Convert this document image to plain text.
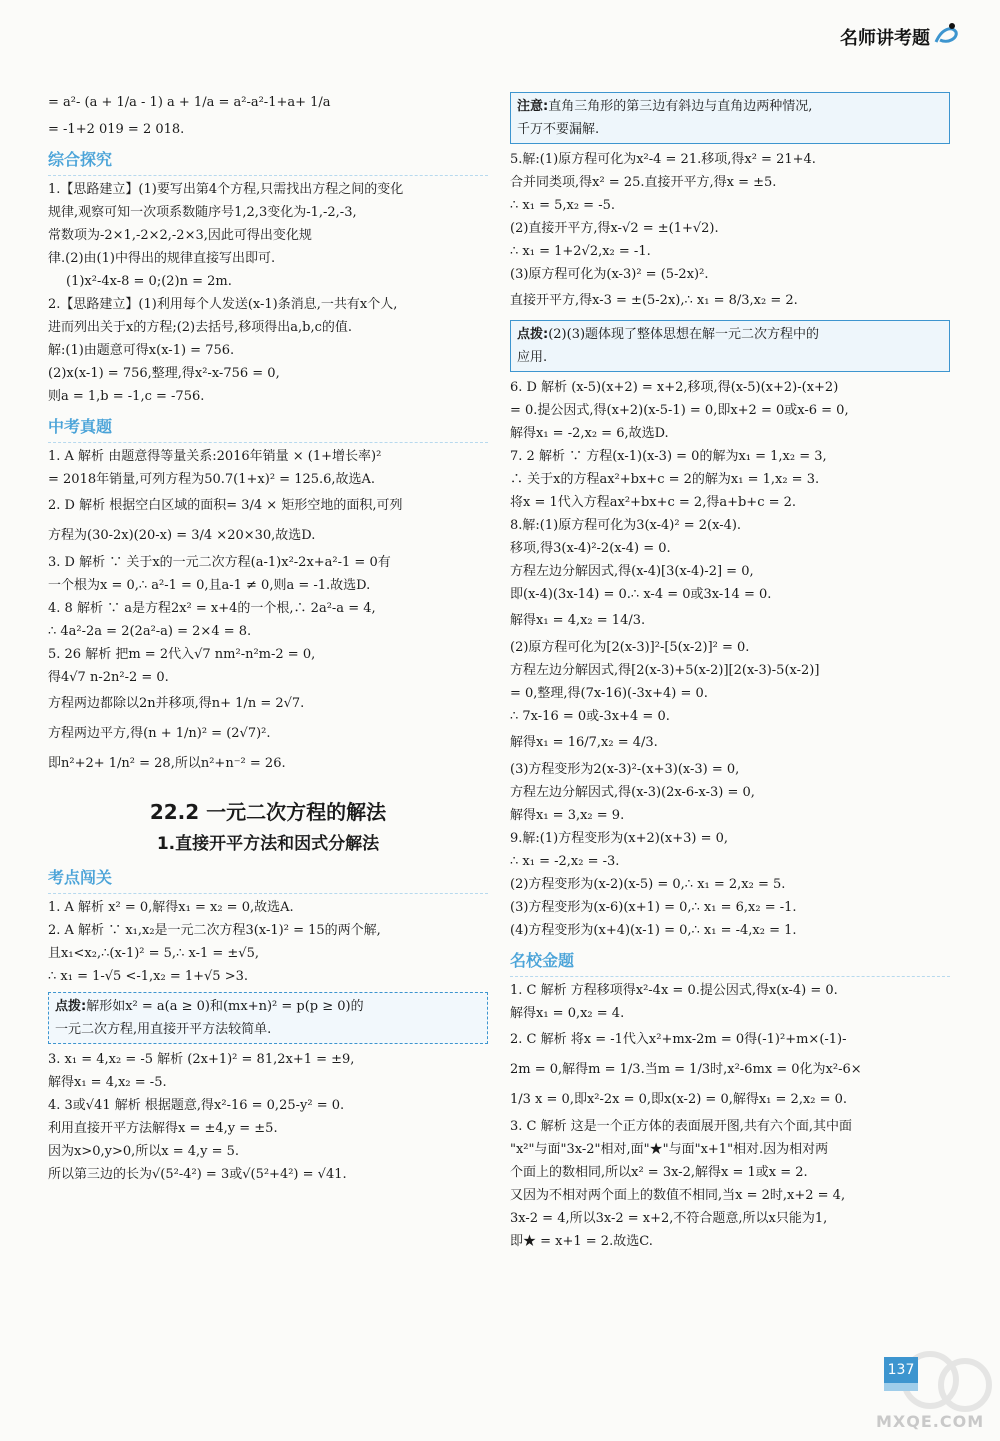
名师讲考题
= a²- (a + 1/a - 1) a + 1/a = a²-a²-1+a+ 1/a
= -1+2 019 = 2 018.
综合探究
1.【思路建立】(1)要写出第4个方程,只需找出方程之间的变化
规律,观察可知一次项系数随序号1,2,3变化为-1,-2,-3,
常数项为-2×1,-2×2,-2×3,因此可得出变化规
律.(2)由(1)中得出的规律直接写出即可.
(1)x²-4x-8 = 0;(2)n = 2m.
2.【思路建立】(1)利用每个人发送(x-1)条消息,一共有x个人,
进而列出关于x的方程;(2)去括号,移项得出a,b,c的值.
解:(1)由题意可得x(x-1) = 756.
(2)x(x-1) = 756,整理,得x²-x-756 = 0,
则a = 1,b = -1,c = -756.
中考真题
1. A 解析 由题意得等量关系:2016年销量 × (1+增长率)²
= 2018年销量,可列方程为50.7(1+x)² = 125.6,故选A.
2. D 解析 根据空白区域的面积= 3/4 × 矩形空地的面积,可列
方程为(30-2x)(20-x) = 3/4 ×20×30,故选D.
3. D 解析 ∵ 关于x的一元二次方程(a-1)x²-2x+a²-1 = 0有
一个根为x = 0,∴ a²-1 = 0,且a-1 ≠ 0,则a = -1.故选D.
4. 8 解析 ∵ a是方程2x² = x+4的一个根,∴ 2a²-a = 4,
∴ 4a²-2a = 2(2a²-a) = 2×4 = 8.
5. 26 解析 把m = 2代入√7 nm²-n²m-2 = 0,
得4√7 n-2n²-2 = 0.
方程两边都除以2n并移项,得n+ 1/n = 2√7.
方程两边平方,得(n + 1/n)² = (2√7)².
即n²+2+ 1/n² = 28,所以n²+n⁻² = 26.
22.2 一元二次方程的解法
1.直接开平方法和因式分解法
考点闯关
1. A 解析 x² = 0,解得x₁ = x₂ = 0,故选A.
2. A 解析 ∵ x₁,x₂是一元二次方程3(x-1)² = 15的两个解,
且x₁<x₂,∴(x-1)² = 5,∴ x-1 = ±√5,
∴ x₁ = 1-√5 <-1,x₂ = 1+√5 >3.
点拨:解形如x² = a(a ≥ 0)和(mx+n)² = p(p ≥ 0)的
一元二次方程,用直接开平方法较简单.
3. x₁ = 4,x₂ = -5 解析 (2x+1)² = 81,2x+1 = ±9,
解得x₁ = 4,x₂ = -5.
4. 3或√41 解析 根据题意,得x²-16 = 0,25-y² = 0.
利用直接开平方法解得x = ±4,y = ±5.
因为x>0,y>0,所以x = 4,y = 5.
所以第三边的长为√(5²-4²) = 3或√(5²+4²) = √41.
注意:直角三角形的第三边有斜边与直角边两种情况,
千万不要漏解.
5.解:(1)原方程可化为x²-4 = 21.移项,得x² = 21+4.
合并同类项,得x² = 25.直接开平方,得x = ±5.
∴ x₁ = 5,x₂ = -5.
(2)直接开平方,得x-√2 = ±(1+√2).
∴ x₁ = 1+2√2,x₂ = -1.
(3)原方程可化为(x-3)² = (5-2x)².
直接开平方,得x-3 = ±(5-2x),∴ x₁ = 8/3,x₂ = 2.
点拨:(2)(3)题体现了整体思想在解一元二次方程中的
应用.
6. D 解析 (x-5)(x+2) = x+2,移项,得(x-5)(x+2)-(x+2)
= 0.提公因式,得(x+2)(x-5-1) = 0,即x+2 = 0或x-6 = 0,
解得x₁ = -2,x₂ = 6,故选D.
7. 2 解析 ∵ 方程(x-1)(x-3) = 0的解为x₁ = 1,x₂ = 3,
∴ 关于x的方程ax²+bx+c = 2的解为x₁ = 1,x₂ = 3.
将x = 1代入方程ax²+bx+c = 2,得a+b+c = 2.
8.解:(1)原方程可化为3(x-4)² = 2(x-4).
移项,得3(x-4)²-2(x-4) = 0.
方程左边分解因式,得(x-4)[3(x-4)-2] = 0,
即(x-4)(3x-14) = 0.∴ x-4 = 0或3x-14 = 0.
解得x₁ = 4,x₂ = 14/3.
(2)原方程可化为[2(x-3)]²-[5(x-2)]² = 0.
方程左边分解因式,得[2(x-3)+5(x-2)][2(x-3)-5(x-2)]
= 0,整理,得(7x-16)(-3x+4) = 0.
∴ 7x-16 = 0或-3x+4 = 0.
解得x₁ = 16/7,x₂ = 4/3.
(3)方程变形为2(x-3)²-(x+3)(x-3) = 0,
方程左边分解因式,得(x-3)(2x-6-x-3) = 0,
解得x₁ = 3,x₂ = 9.
9.解:(1)方程变形为(x+2)(x+3) = 0,
∴ x₁ = -2,x₂ = -3.
(2)方程变形为(x-2)(x-5) = 0,∴ x₁ = 2,x₂ = 5.
(3)方程变形为(x-6)(x+1) = 0,∴ x₁ = 6,x₂ = -1.
(4)方程变形为(x+4)(x-1) = 0,∴ x₁ = -4,x₂ = 1.
名校金题
1. C 解析 方程移项得x²-4x = 0.提公因式,得x(x-4) = 0.
解得x₁ = 0,x₂ = 4.
2. C 解析 将x = -1代入x²+mx-2m = 0得(-1)²+m×(-1)-
2m = 0,解得m = 1/3.当m = 1/3时,x²-6mx = 0化为x²-6×
1/3 x = 0,即x²-2x = 0,即x(x-2) = 0,解得x₁ = 2,x₂ = 0.
3. C 解析 这是一个正方体的表面展开图,共有六个面,其中面
"x²"与面"3x-2"相对,面"★"与面"x+1"相对.因为相对两
个面上的数相同,所以x² = 3x-2,解得x = 1或x = 2.
又因为不相对两个面上的数值不相同,当x = 2时,x+2 = 4,
3x-2 = 4,所以3x-2 = x+2,不符合题意,所以x只能为1,
即★ = x+1 = 2.故选C.
137
MXQE.COM
